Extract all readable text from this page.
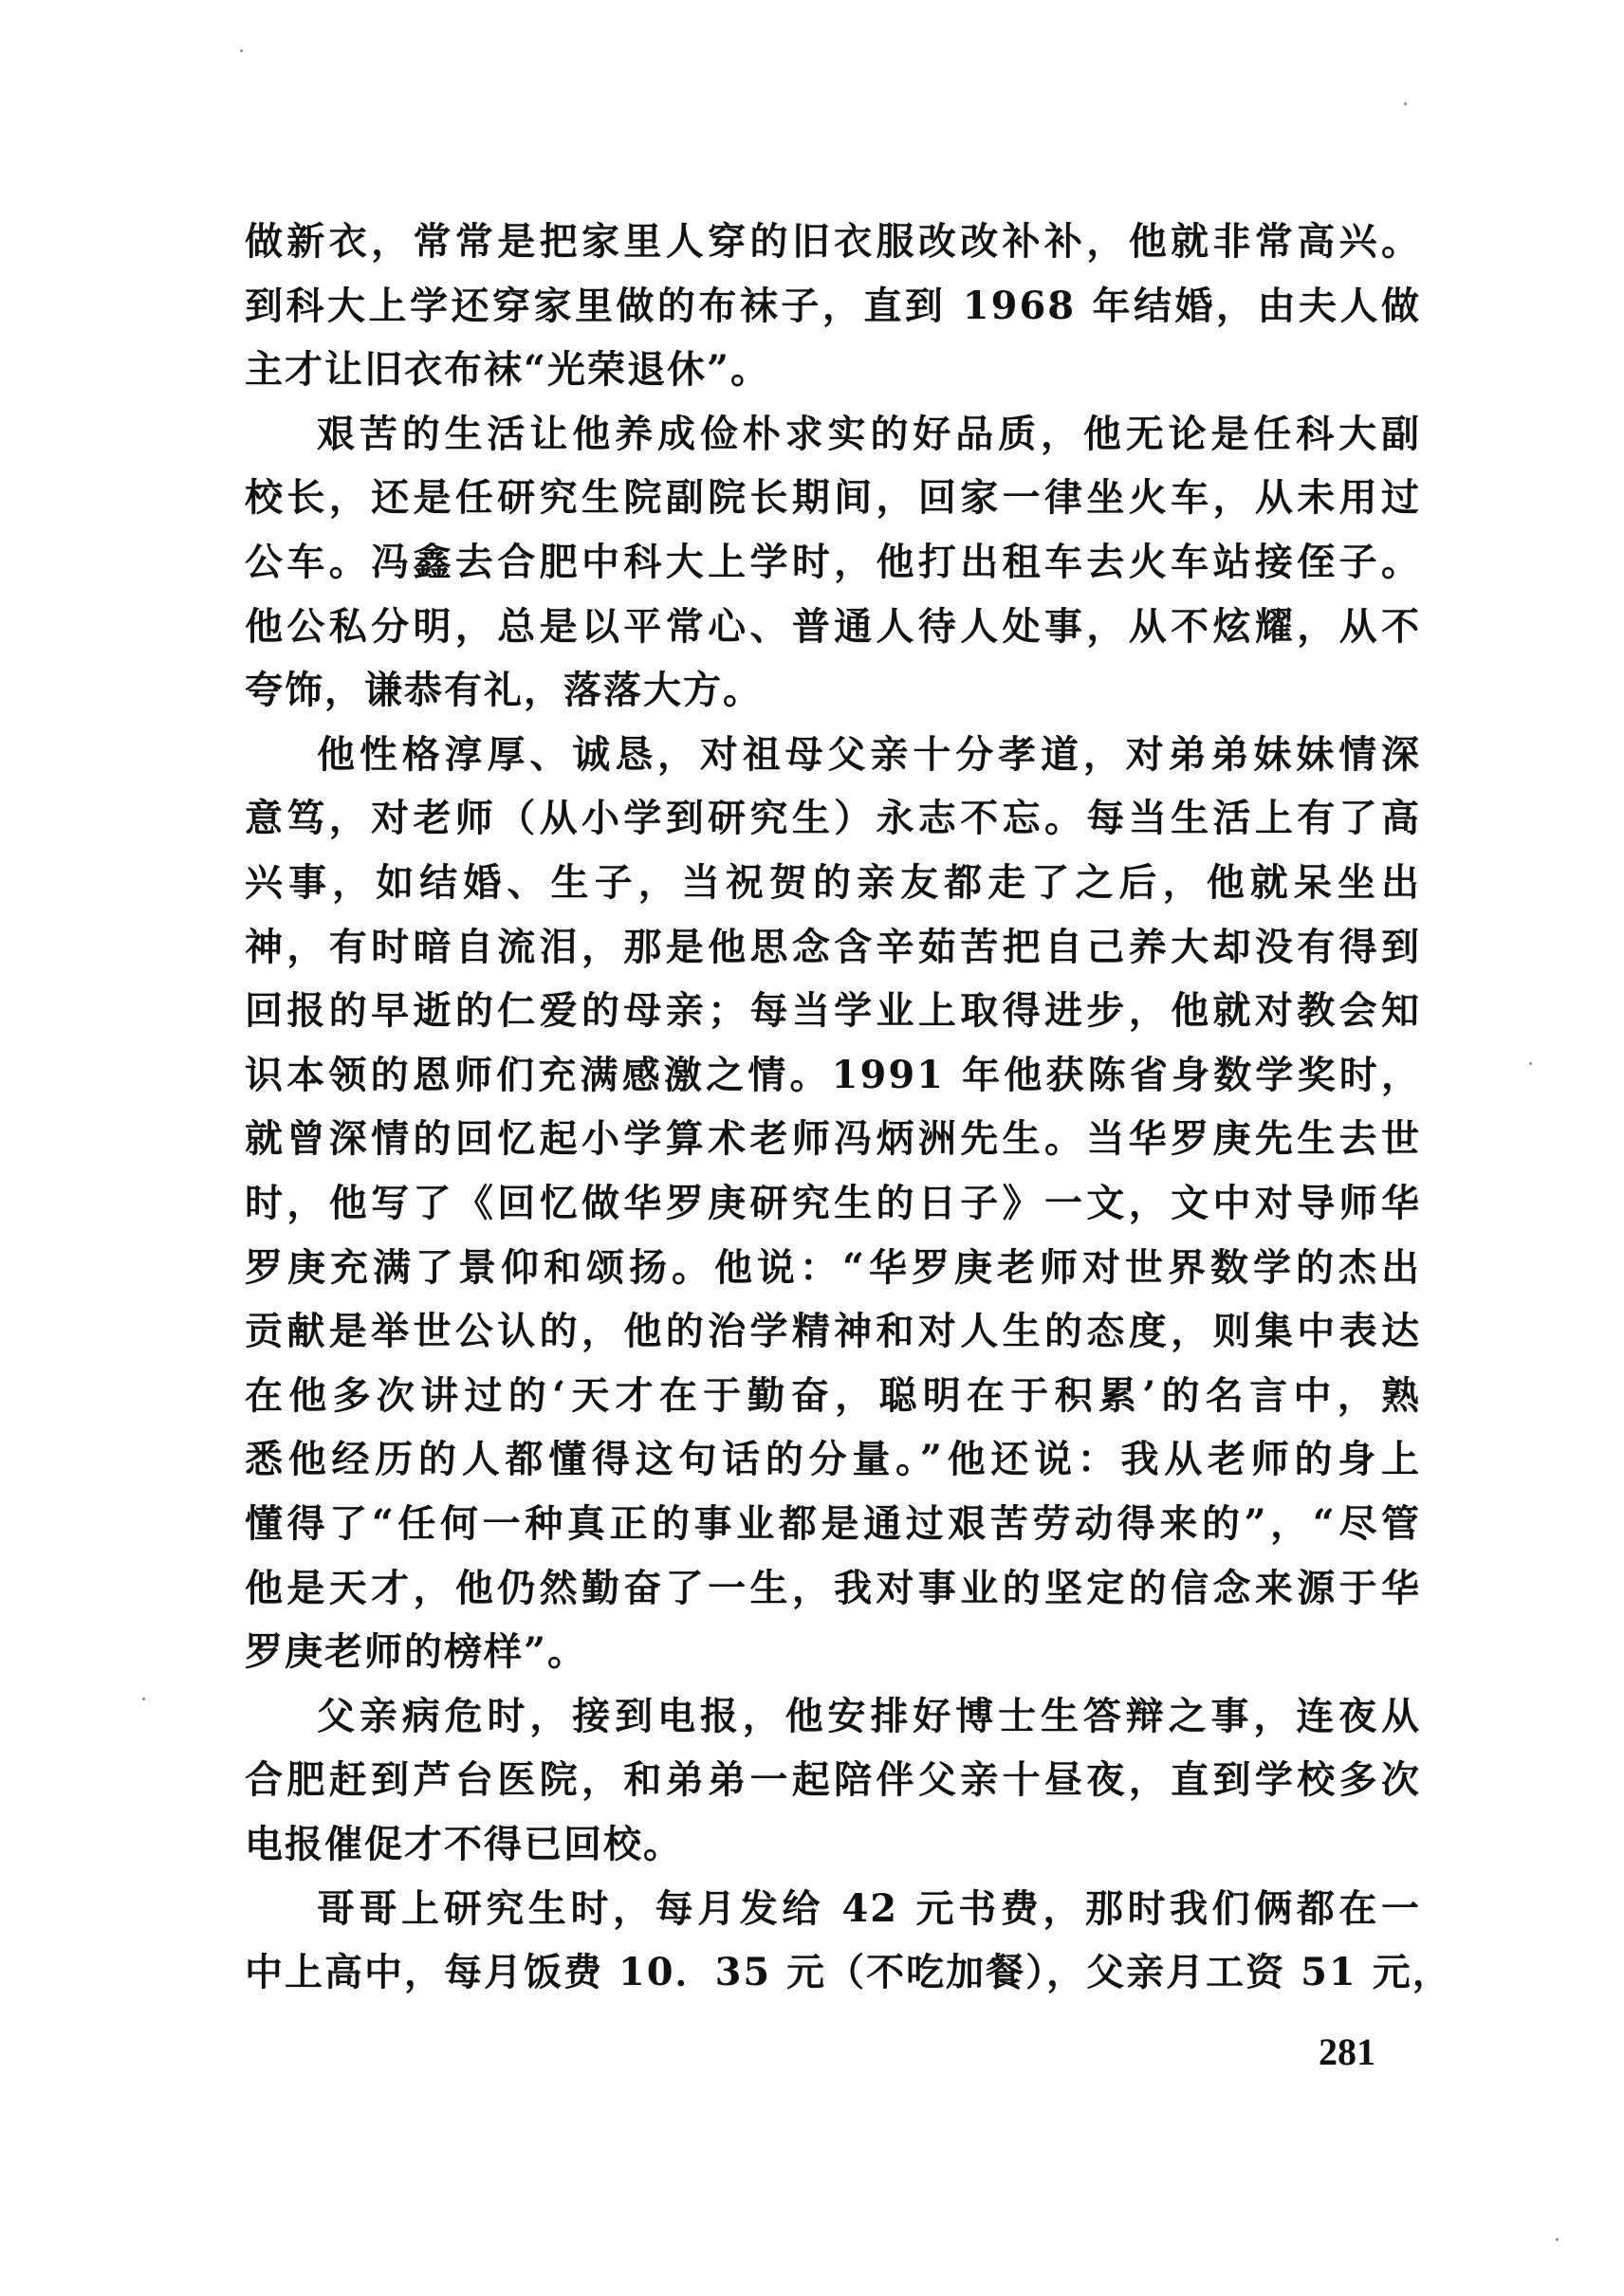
做新衣，常常是把家里人穿的旧衣服改改补补，他就非常高兴。
到科大上学还穿家里做的布袜子，直到 1968 年结婚，由夫人做
主才让旧衣布袜“光荣退休”。
艰苦的生活让他养成俭朴求实的好品质，他无论是任科大副
校长，还是任研究生院副院长期间，回家一律坐火车，从未用过
公车。冯鑫去合肥中科大上学时，他打出租车去火车站接侄子。
他公私分明，总是以平常心、普通人待人处事，从不炫耀，从不
夸饰，谦恭有礼，落落大方。
他性格淳厚、诚恳，对祖母父亲十分孝道，对弟弟妹妹情深
意笃，对老师（从小学到研究生）永志不忘。每当生活上有了高
兴事，如结婚、生子，当祝贺的亲友都走了之后，他就呆坐出
神，有时暗自流泪，那是他思念含辛茹苦把自己养大却没有得到
回报的早逝的仁爱的母亲；每当学业上取得进步，他就对教会知
识本领的恩师们充满感激之情。1991 年他获陈省身数学奖时，
就曾深情的回忆起小学算术老师冯炳洲先生。当华罗庚先生去世
时，他写了《回忆做华罗庚研究生的日子》一文，文中对导师华
罗庚充满了景仰和颂扬。他说：“华罗庚老师对世界数学的杰出
贡献是举世公认的，他的治学精神和对人生的态度，则集中表达
在他多次讲过的‘天才在于勤奋，聪明在于积累’的名言中，熟
悉他经历的人都懂得这句话的分量。”他还说：我从老师的身上
懂得了“任何一种真正的事业都是通过艰苦劳动得来的”，“尽管
他是天才，他仍然勤奋了一生，我对事业的坚定的信念来源于华
罗庚老师的榜样”。
父亲病危时，接到电报，他安排好博士生答辩之事，连夜从
合肥赶到芦台医院，和弟弟一起陪伴父亲十昼夜，直到学校多次
电报催促才不得已回校。
哥哥上研究生时，每月发给 42 元书费，那时我们俩都在一
中上高中，每月饭费 10．35 元（不吃加餐），父亲月工资 51 元，
281
